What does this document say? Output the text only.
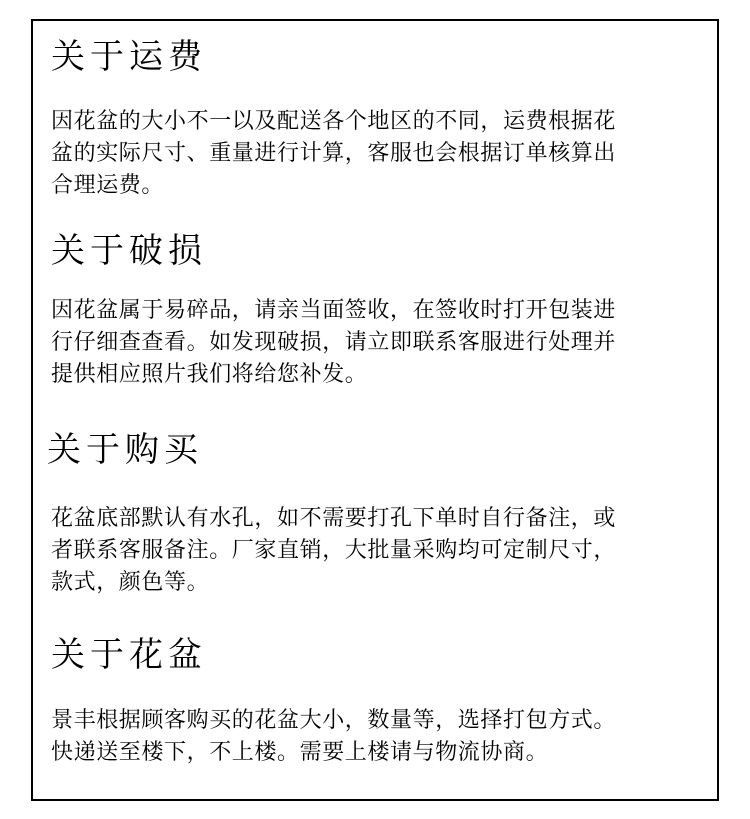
关于运费
因花盆的大小不一以及配送各个地区的不同，运费根据花
盆的实际尺寸、重量进行计算，客服也会根据订单核算出
合理运费。
关于破损
因花盆属于易碎品，请亲当面签收，在签收时打开包装进
行仔细查查看。如发现破损，请立即联系客服进行处理并
提供相应照片我们将给您补发。
关于购买
花盆底部默认有水孔，如不需要打孔下单时自行备注，或
者联系客服备注。厂家直销，大批量采购均可定制尺寸，
款式，颜色等。
关于花盆
景丰根据顾客购买的花盆大小，数量等，选择打包方式。
快递送至楼下，不上楼。需要上楼请与物流协商。
